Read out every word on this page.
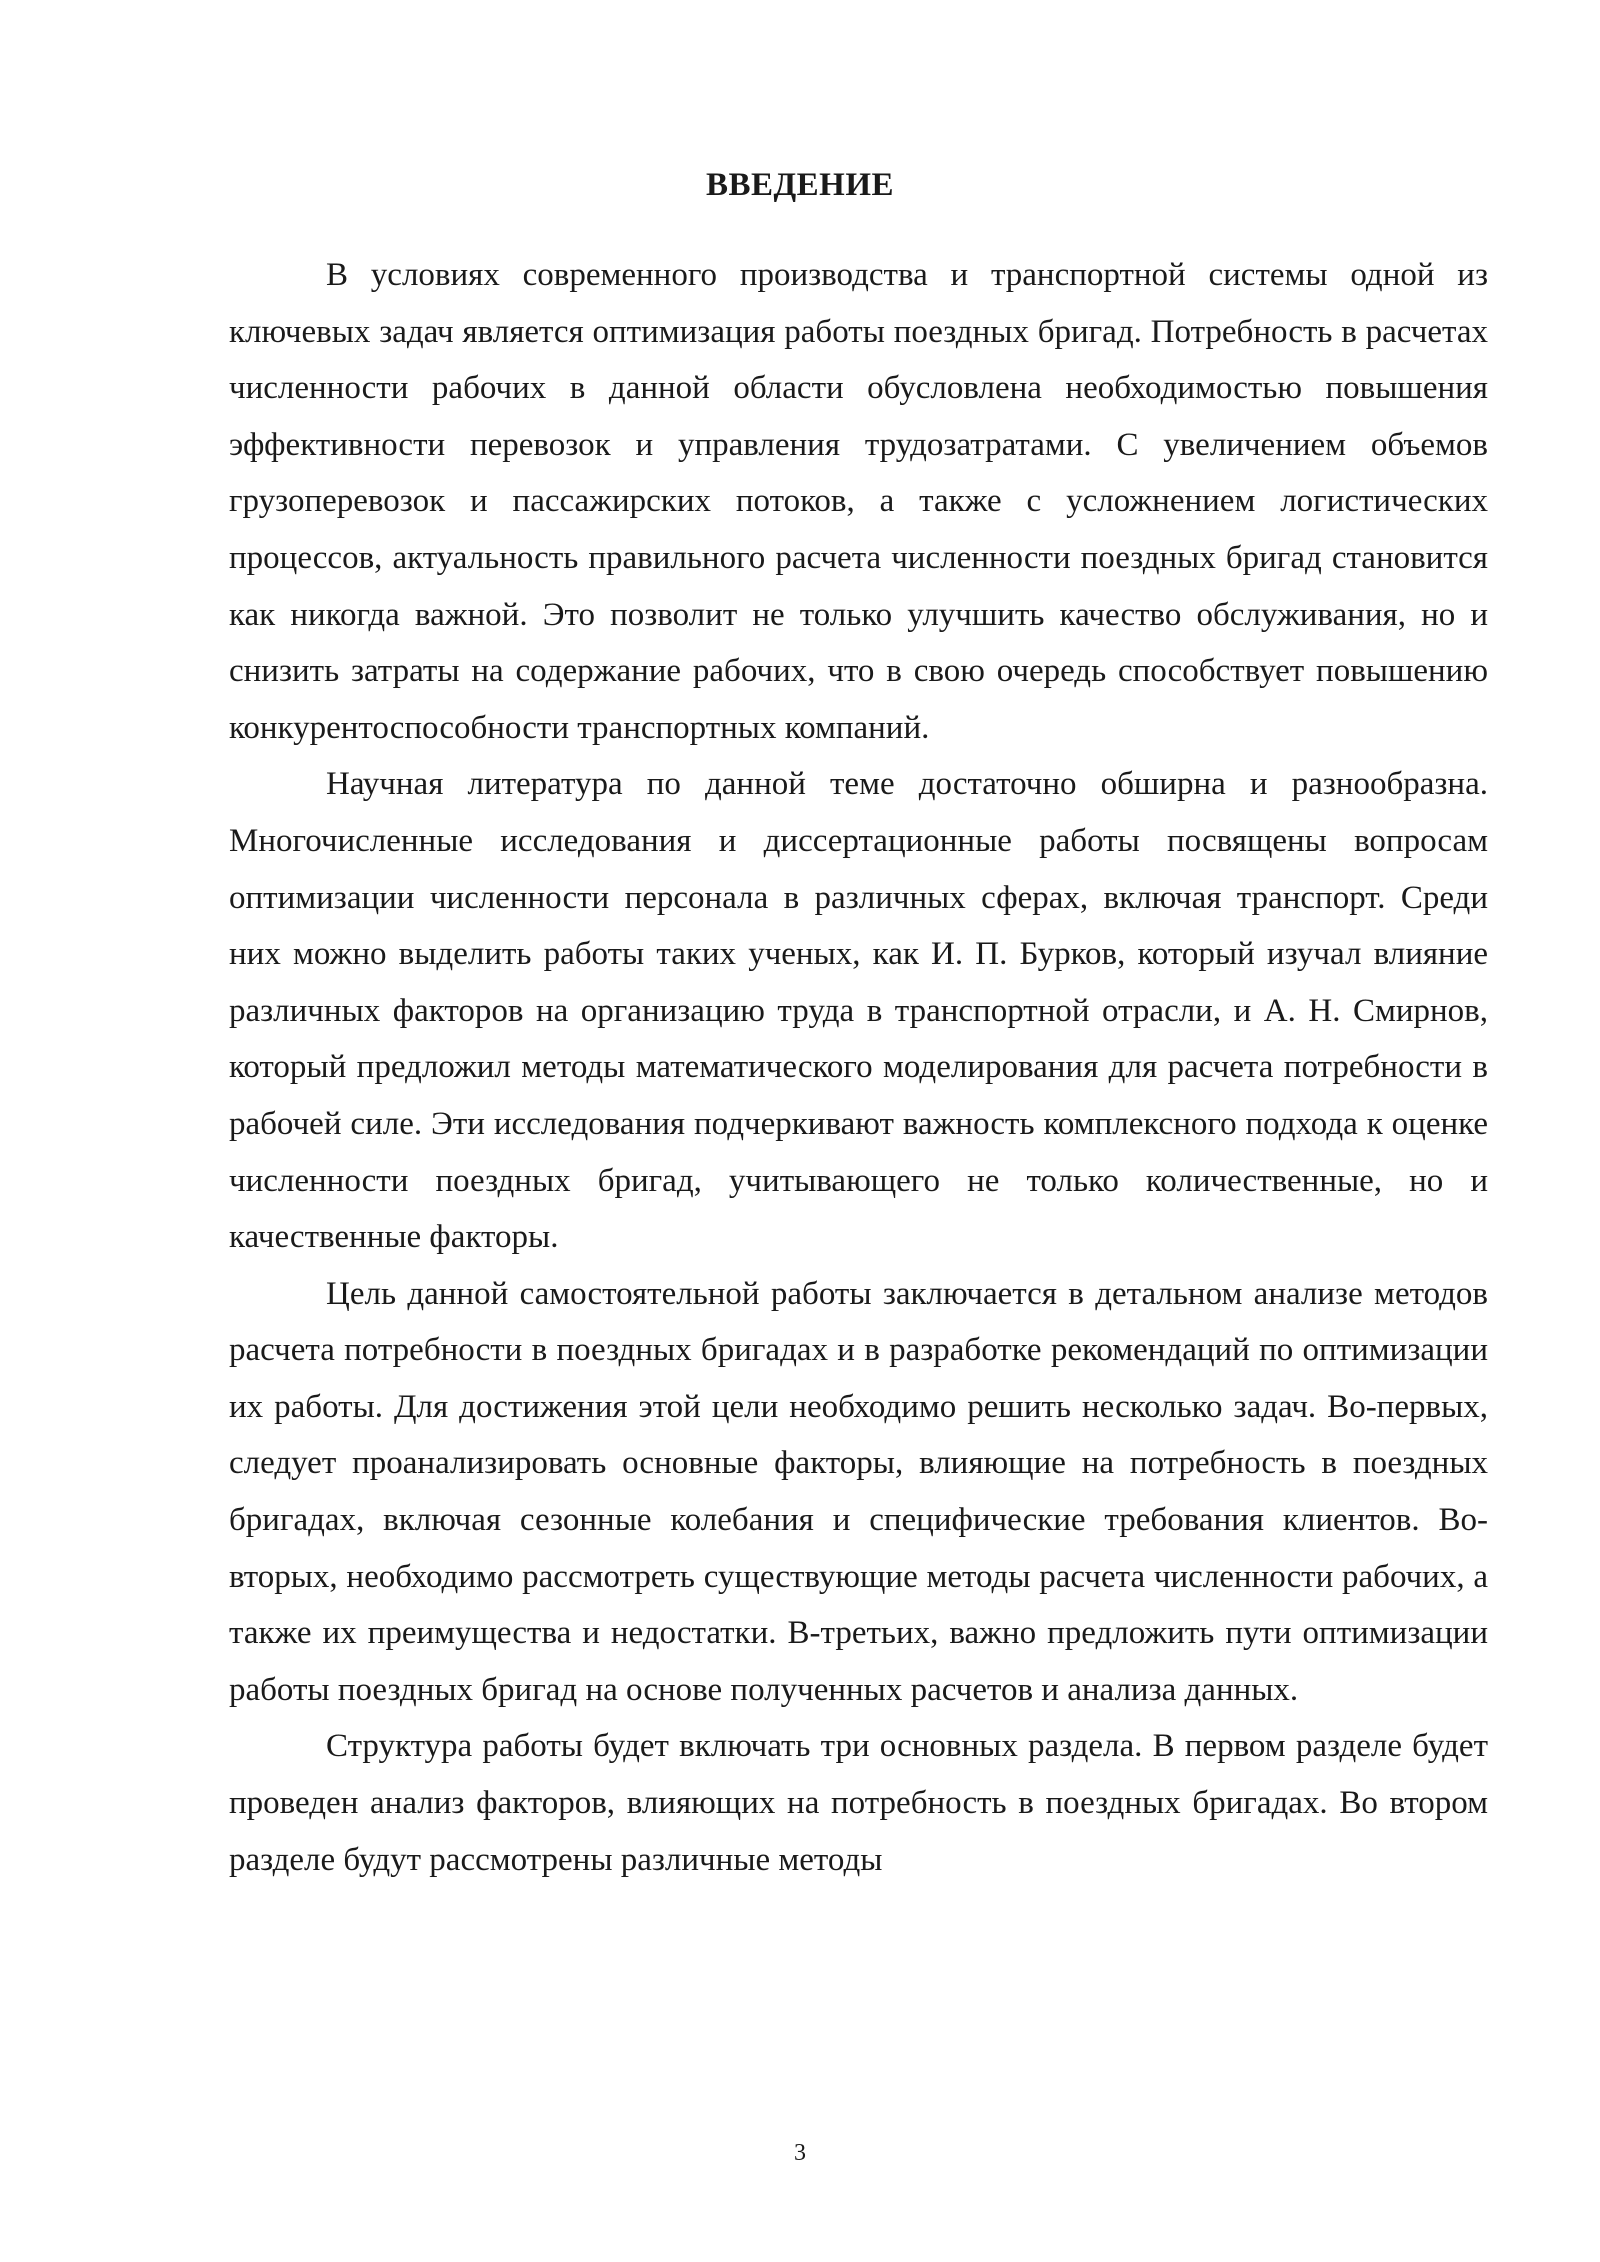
ВВЕДЕНИЕ

В условиях современного производства и транспортной системы одной из ключевых задач является оптимизация работы поездных бригад. Потребность в расчетах численности рабочих в данной области обусловлена необходимостью повышения эффективности перевозок и управления трудозатратами. С увеличением объемов грузоперевозок и пассажирских потоков, а также с усложнением логистических процессов, актуальность правильного расчета численности поездных бригад становится как никогда важной. Это позволит не только улучшить качество обслуживания, но и снизить затраты на содержание рабочих, что в свою очередь способствует повышению конкурентоспособности транспортных компаний.

Научная литература по данной теме достаточно обширна и разнообразна. Многочисленные исследования и диссертационные работы посвящены вопросам оптимизации численности персонала в различных сферах, включая транспорт. Среди них можно выделить работы таких ученых, как И. П. Бурков, который изучал влияние различных факторов на организацию труда в транспортной отрасли, и А. Н. Смирнов, который предложил методы математического моделирования для расчета потребности в рабочей силе. Эти исследования подчеркивают важность комплексного подхода к оценке численности поездных бригад, учитывающего не только количественные, но и качественные факторы.

Цель данной самостоятельной работы заключается в детальном анализе методов расчета потребности в поездных бригадах и в разработке рекомендаций по оптимизации их работы. Для достижения этой цели необходимо решить несколько задач. Во-первых, следует проанализировать основные факторы, влияющие на потребность в поездных бригадах, включая сезонные колебания и специфические требования клиентов. Во-вторых, необходимо рассмотреть существующие методы расчета численности рабочих, а также их преимущества и недостатки. В-третьих, важно предложить пути оптимизации работы поездных бригад на основе полученных расчетов и анализа данных.

Структура работы будет включать три основных раздела. В первом разделе будет проведен анализ факторов, влияющих на потребность в поездных бригадах. Во втором разделе будут рассмотрены различные методы

3
